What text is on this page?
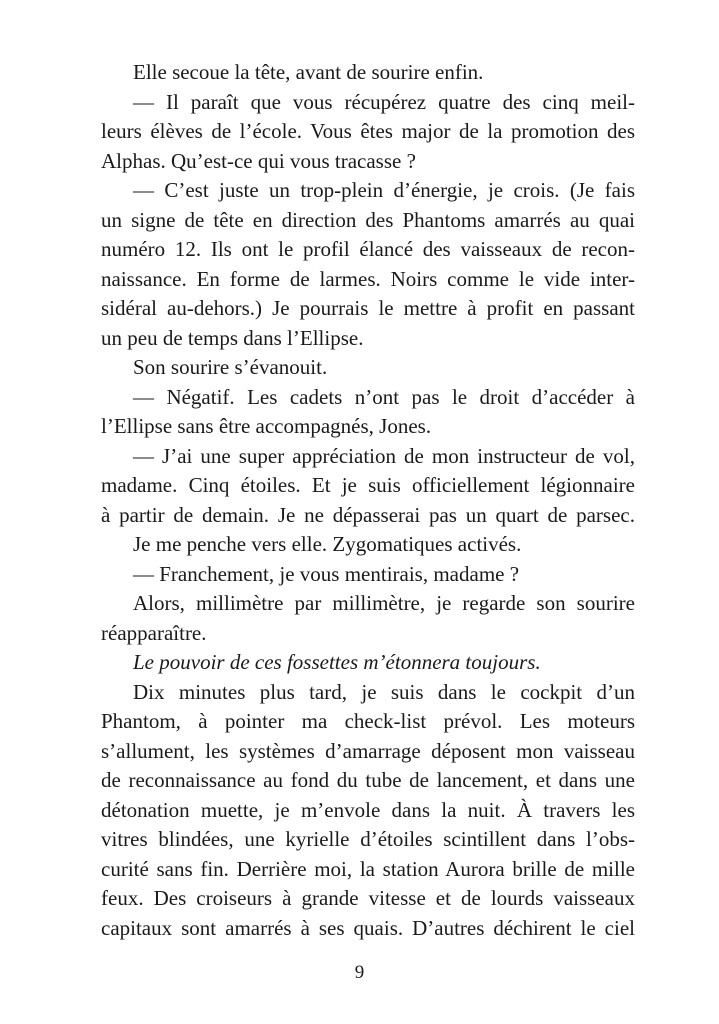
Elle secoue la tête, avant de sourire enfin.
— Il paraît que vous récupérez quatre des cinq meil-
leurs élèves de l’école. Vous êtes major de la promotion des
Alphas. Qu’est-ce qui vous tracasse ?
— C’est juste un trop-plein d’énergie, je crois. (Je fais
un signe de tête en direction des Phantoms amarrés au quai
numéro 12. Ils ont le profil élancé des vaisseaux de recon-
naissance. En forme de larmes. Noirs comme le vide inter-
sidéral au-dehors.) Je pourrais le mettre à profit en passant
un peu de temps dans l’Ellipse.
Son sourire s’évanouit.
— Négatif. Les cadets n’ont pas le droit d’accéder à
l’Ellipse sans être accompagnés, Jones.
— J’ai une super appréciation de mon instructeur de vol,
madame. Cinq étoiles. Et je suis officiellement légionnaire
à partir de demain. Je ne dépasserai pas un quart de parsec.
Je me penche vers elle. Zygomatiques activés.
— Franchement, je vous mentirais, madame ?
Alors, millimètre par millimètre, je regarde son sourire
réapparaître.
Le pouvoir de ces fossettes m’étonnera toujours.
Dix minutes plus tard, je suis dans le cockpit d’un
Phantom, à pointer ma check-list prévol. Les moteurs
s’allument, les systèmes d’amarrage déposent mon vaisseau
de reconnaissance au fond du tube de lancement, et dans une
détonation muette, je m’envole dans la nuit. À travers les
vitres blindées, une kyrielle d’étoiles scintillent dans l’obs-
curité sans fin. Derrière moi, la station Aurora brille de mille
feux. Des croiseurs à grande vitesse et de lourds vaisseaux
capitaux sont amarrés à ses quais. D’autres déchirent le ciel
9
